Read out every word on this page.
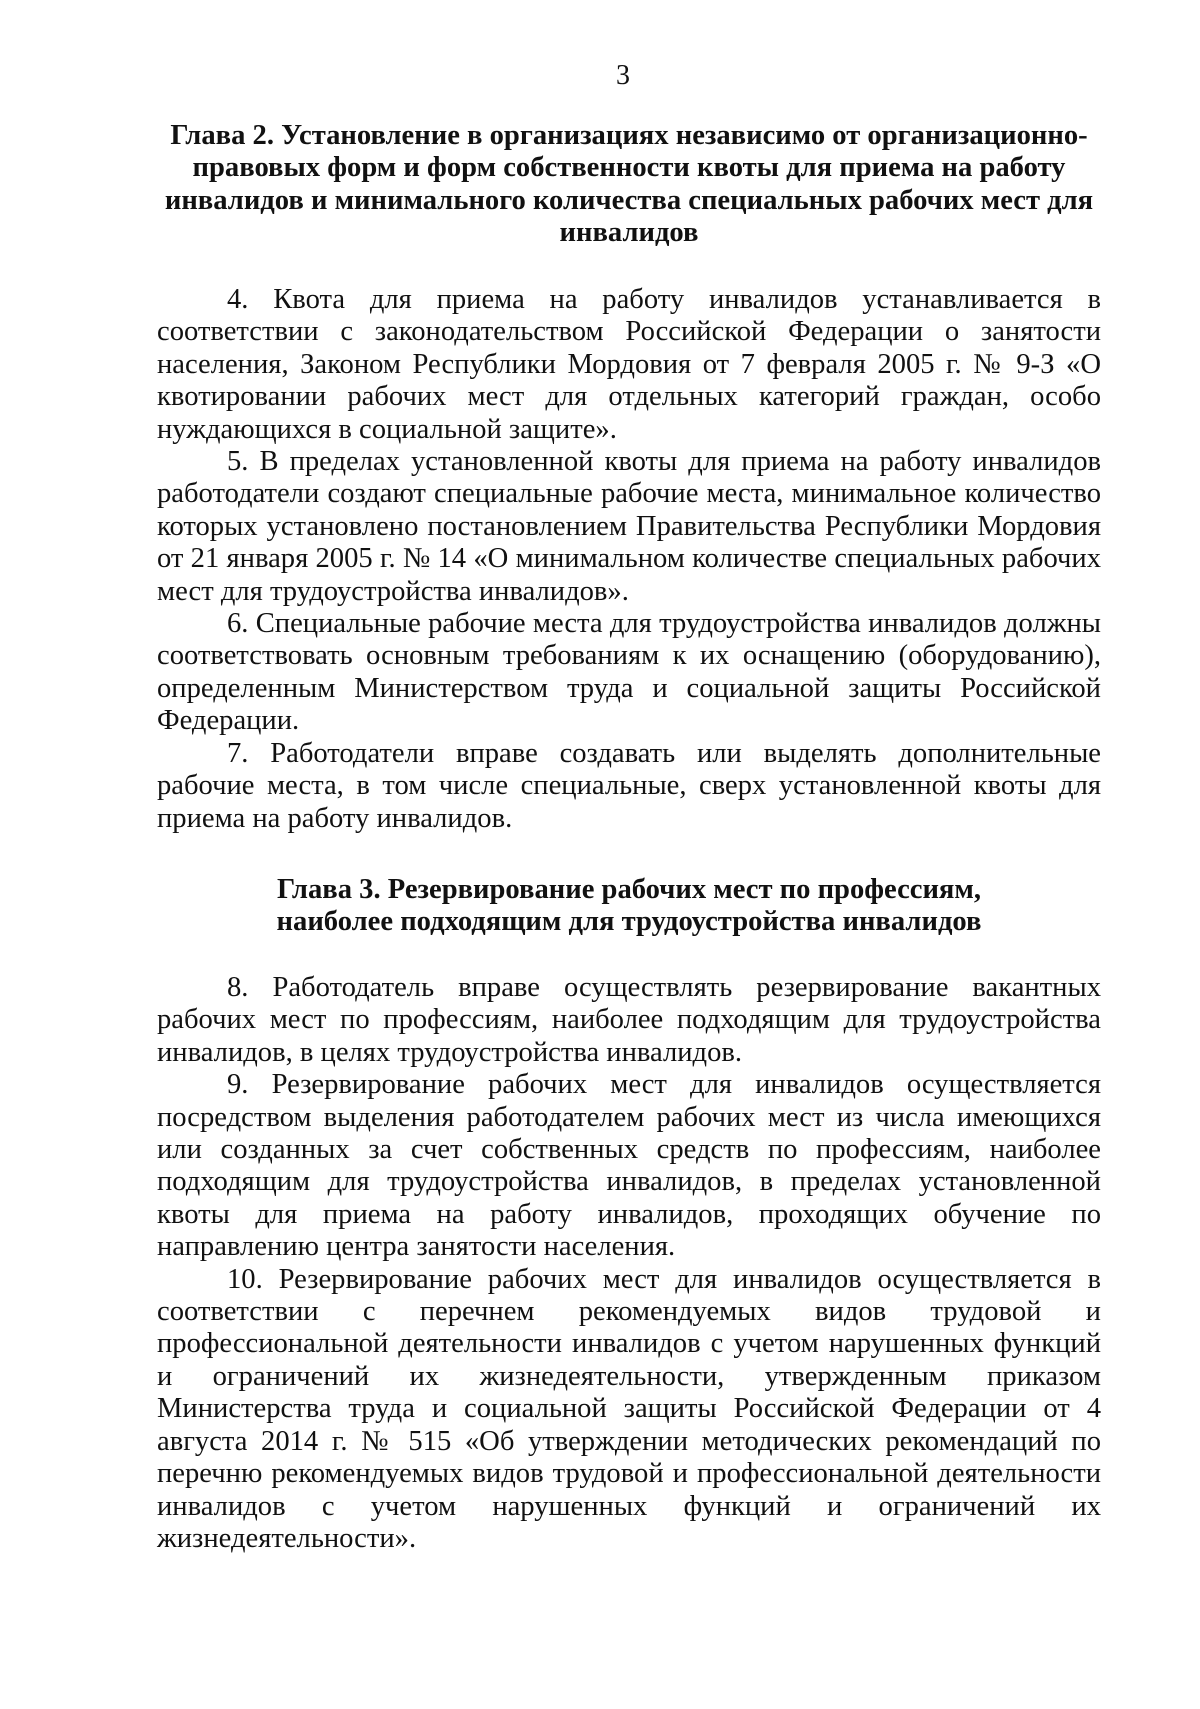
3
Глава 2. Установление в организациях независимо от организационно-правовых форм и форм собственности квоты для приема на работу инвалидов и минимального количества специальных рабочих мест для инвалидов

4. Квота для приема на работу инвалидов устанавливается в соответствии с законодательством Российской Федерации о занятости населения, Законом Республики Мордовия от 7 февраля 2005 г. № 9-З «О квотировании рабочих мест для отдельных категорий граждан, особо нуждающихся в социальной защите».

5. В пределах установленной квоты для приема на работу инвалидов работодатели создают специальные рабочие места, минимальное количество которых установлено постановлением Правительства Республики Мордовия от 21 января 2005 г. № 14 «О минимальном количестве специальных рабочих мест для трудоустройства инвалидов».

6. Специальные рабочие места для трудоустройства инвалидов должны соответствовать основным требованиям к их оснащению (оборудованию), определенным Министерством труда и социальной защиты Российской Федерации.

7. Работодатели вправе создавать или выделять дополнительные рабочие места, в том числе специальные, сверх установленной квоты для приема на работу инвалидов.

Глава 3. Резервирование рабочих мест по профессиям,
наиболее подходящим для трудоустройства инвалидов

8. Работодатель вправе осуществлять резервирование вакантных рабочих мест по профессиям, наиболее подходящим для трудоустройства инвалидов, в целях трудоустройства инвалидов.

9. Резервирование рабочих мест для инвалидов осуществляется посредством выделения работодателем рабочих мест из числа имеющихся или созданных за счет собственных средств по профессиям, наиболее подходящим для трудоустройства инвалидов, в пределах установленной квоты для приема на работу инвалидов, проходящих обучение по направлению центра занятости населения.

10. Резервирование рабочих мест для инвалидов осуществляется в соответствии с перечнем рекомендуемых видов трудовой и профессиональной деятельности инвалидов с учетом нарушенных функций и ограничений их жизнедеятельности, утвержденным приказом Министерства труда и социальной защиты Российской Федерации от 4 августа 2014 г. № 515 «Об утверждении методических рекомендаций по перечню рекомендуемых видов трудовой и профессиональной деятельности инвалидов с учетом нарушенных функций и ограничений их жизнедеятельности».
